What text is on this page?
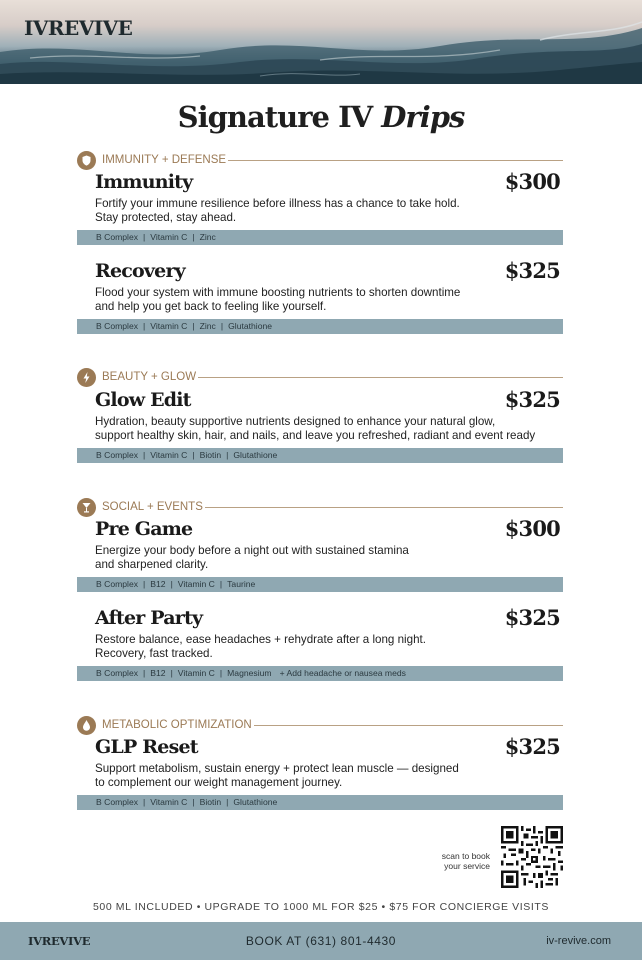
IVREVIVE
Signature IV Drips
IMMUNITY + DEFENSE
Immunity	$300
Fortify your immune resilience before illness has a chance to take hold.
Stay protected, stay ahead.
B Complex | Vitamin C | Zinc
Recovery	$325
Flood your system with immune boosting nutrients to shorten downtime
and help you get back to feeling like yourself.
B Complex | Vitamin C | Zinc | Glutathione
BEAUTY + GLOW
Glow Edit	$325
Hydration, beauty supportive nutrients designed to enhance your natural glow,
support healthy skin, hair, and nails, and leave you refreshed, radiant and event ready
B Complex | Vitamin C | Biotin | Glutathione
SOCIAL + EVENTS
Pre Game	$300
Energize your body before a night out with sustained stamina
and sharpened clarity.
B Complex | B12 | Vitamin C | Taurine
After Party	$325
Restore balance, ease headaches + rehydrate after a long night.
Recovery, fast tracked.
B Complex | B12 | Vitamin C | Magnesium + Add headache or nausea meds
METABOLIC OPTIMIZATION
GLP Reset	$325
Support metabolism, sustain energy + protect lean muscle — designed
to complement our weight management journey.
B Complex | Vitamin C | Biotin | Glutathione
scan to book
your service
500 ML INCLUDED • UPGRADE TO 1000 ML FOR $25 • $75 FOR CONCIERGE VISITS
IVREVIVE	BOOK AT (631) 801-4430	iv-revive.com
